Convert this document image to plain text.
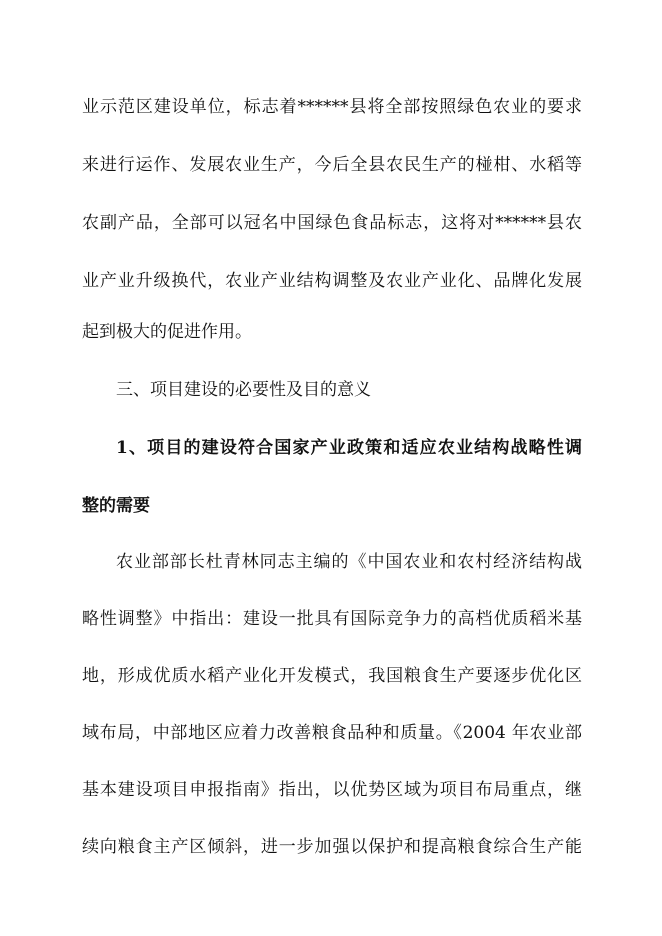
业示范区建设单位，标志着******县将全部按照绿色农业的要求
来进行运作、发展农业生产，今后全县农民生产的椪柑、水稻等
农副产品，全部可以冠名中国绿色食品标志，这将对******县农
业产业升级换代，农业产业结构调整及农业产业化、品牌化发展
起到极大的促进作用。
三、项目建设的必要性及目的意义
1、项目的建设符合国家产业政策和适应农业结构战略性调
整的需要
农业部部长杜青林同志主编的《中国农业和农村经济结构战
略性调整》中指出：建设一批具有国际竞争力的高档优质稻米基
地，形成优质水稻产业化开发模式，我国粮食生产要逐步优化区
域布局，中部地区应着力改善粮食品种和质量。《2004 年农业部
基本建设项目申报指南》指出，以优势区域为项目布局重点，继
续向粮食主产区倾斜，进一步加强以保护和提高粮食综合生产能
